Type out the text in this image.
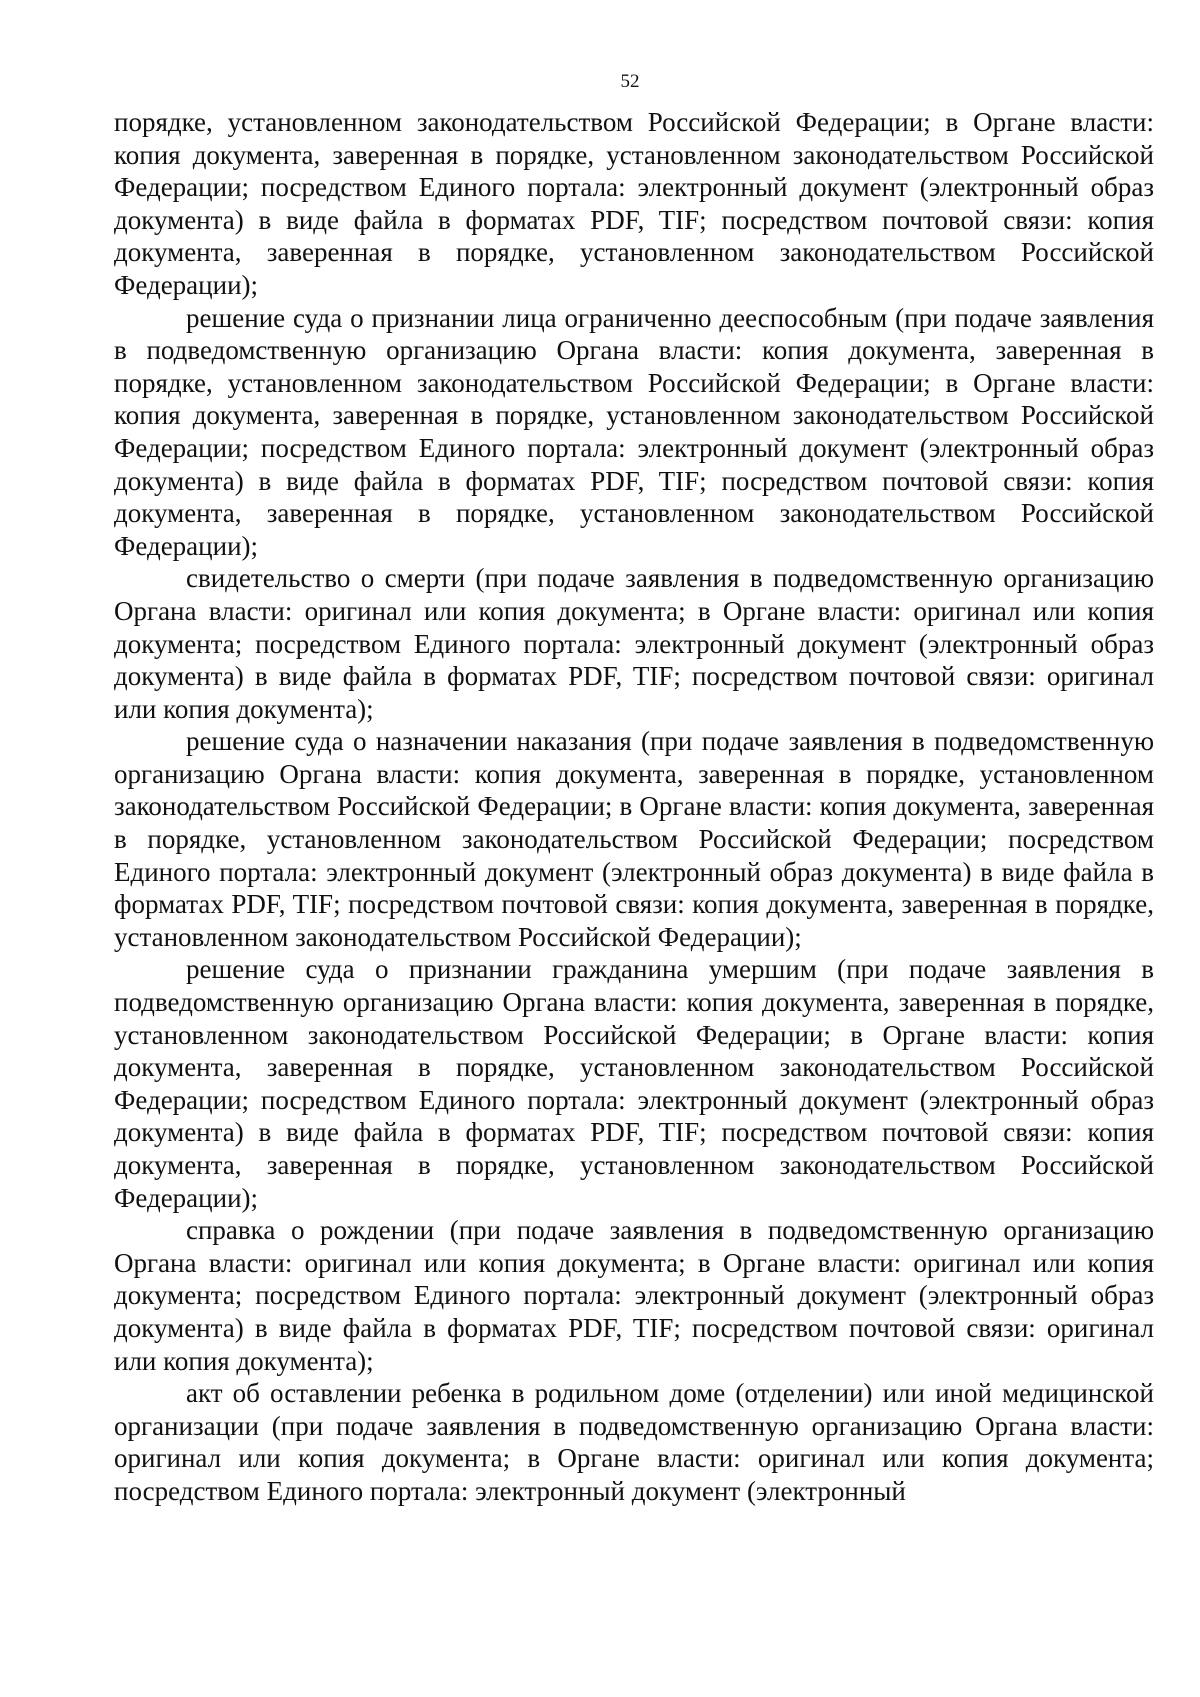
52

порядке, установленном законодательством Российской Федерации; в Органе власти: копия документа, заверенная в порядке, установленном законодательством Российской Федерации; посредством Единого портала: электронный документ (электронный образ документа) в виде файла в форматах PDF, TIF; посредством почтовой связи: копия документа, заверенная в порядке, установленном законодательством Российской Федерации);

решение суда о признании лица ограниченно дееспособным (при подаче заявления в подведомственную организацию Органа власти: копия документа, заверенная в порядке, установленном законодательством Российской Федерации; в Органе власти: копия документа, заверенная в порядке, установленном законодательством Российской Федерации; посредством Единого портала: электронный документ (электронный образ документа) в виде файла в форматах PDF, TIF; посредством почтовой связи: копия документа, заверенная в порядке, установленном законодательством Российской Федерации);

свидетельство о смерти (при подаче заявления в подведомственную организацию Органа власти: оригинал или копия документа; в Органе власти: оригинал или копия документа; посредством Единого портала: электронный документ (электронный образ документа) в виде файла в форматах PDF, TIF; посредством почтовой связи: оригинал или копия документа);

решение суда о назначении наказания (при подаче заявления в подведомственную организацию Органа власти: копия документа, заверенная в порядке, установленном законодательством Российской Федерации; в Органе власти: копия документа, заверенная в порядке, установленном законодательством Российской Федерации; посредством Единого портала: электронный документ (электронный образ документа) в виде файла в форматах PDF, TIF; посредством почтовой связи: копия документа, заверенная в порядке, установленном законодательством Российской Федерации);

решение суда о признании гражданина умершим (при подаче заявления в подведомственную организацию Органа власти: копия документа, заверенная в порядке, установленном законодательством Российской Федерации; в Органе власти: копия документа, заверенная в порядке, установленном законодательством Российской Федерации; посредством Единого портала: электронный документ (электронный образ документа) в виде файла в форматах PDF, TIF; посредством почтовой связи: копия документа, заверенная в порядке, установленном законодательством Российской Федерации);

справка о рождении (при подаче заявления в подведомственную организацию Органа власти: оригинал или копия документа; в Органе власти: оригинал или копия документа; посредством Единого портала: электронный документ (электронный образ документа) в виде файла в форматах PDF, TIF; посредством почтовой связи: оригинал или копия документа);

акт об оставлении ребенка в родильном доме (отделении) или иной медицинской организации (при подаче заявления в подведомственную организацию Органа власти: оригинал или копия документа; в Органе власти: оригинал или копия документа; посредством Единого портала: электронный документ (электронный
